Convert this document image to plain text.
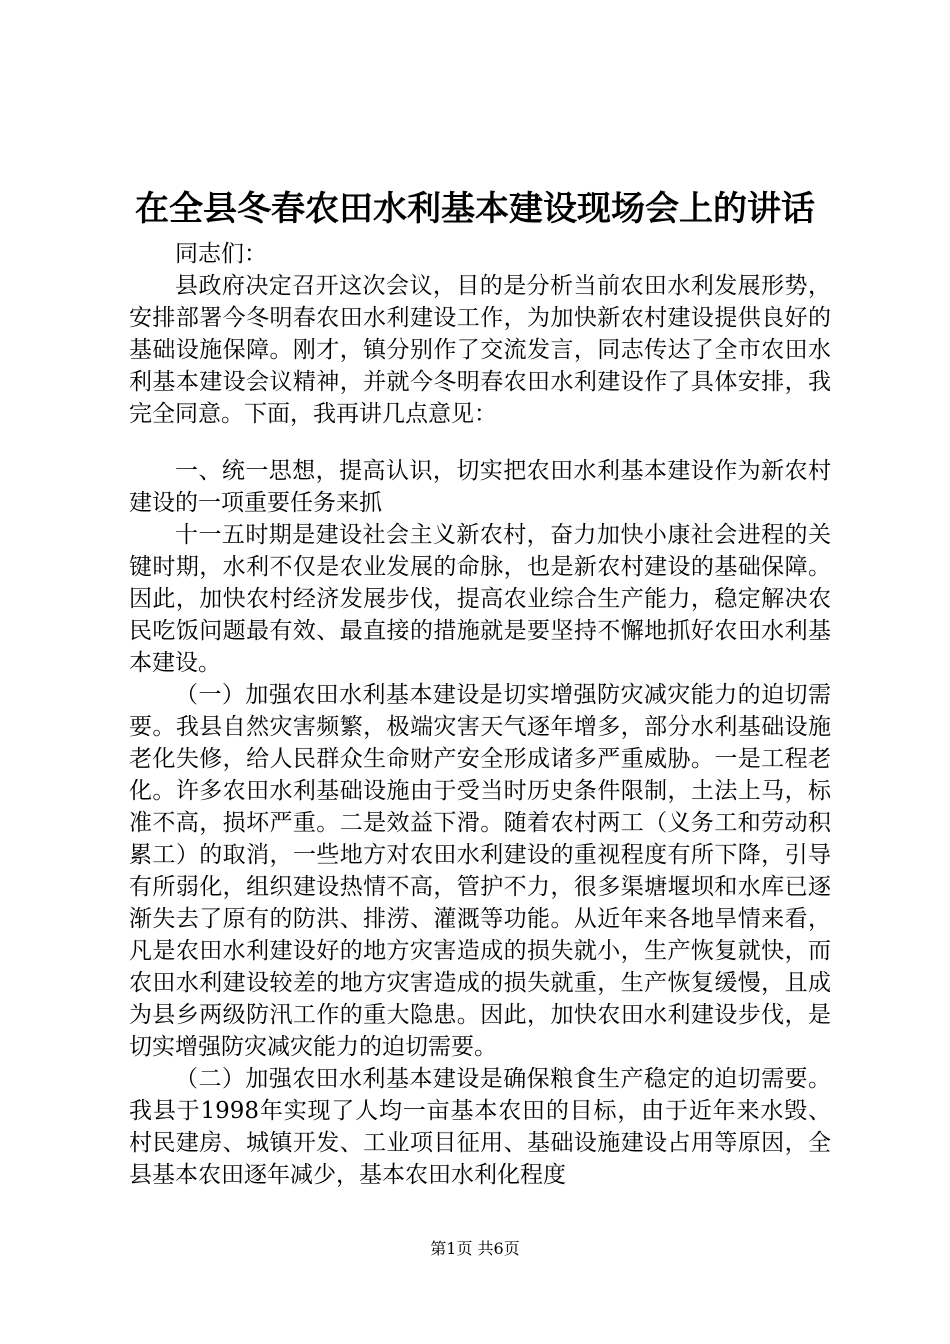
在全县冬春农田水利基本建设现场会上的讲话

同志们：

县政府决定召开这次会议，目的是分析当前农田水利发展形势，安排部署今冬明春农田水利建设工作，为加快新农村建设提供良好的基础设施保障。刚才，镇分别作了交流发言，同志传达了全市农田水利基本建设会议精神，并就今冬明春农田水利建设作了具体安排，我完全同意。下面，我再讲几点意见：

一、统一思想，提高认识，切实把农田水利基本建设作为新农村建设的一项重要任务来抓

十一五时期是建设社会主义新农村，奋力加快小康社会进程的关键时期，水利不仅是农业发展的命脉，也是新农村建设的基础保障。因此，加快农村经济发展步伐，提高农业综合生产能力，稳定解决农民吃饭问题最有效、最直接的措施就是要坚持不懈地抓好农田水利基本建设。

（一）加强农田水利基本建设是切实增强防灾减灾能力的迫切需要。我县自然灾害频繁，极端灾害天气逐年增多，部分水利基础设施老化失修，给人民群众生命财产安全形成诸多严重威胁。一是工程老化。许多农田水利基础设施由于受当时历史条件限制，土法上马，标准不高，损坏严重。二是效益下滑。随着农村两工（义务工和劳动积累工）的取消，一些地方对农田水利建设的重视程度有所下降，引导有所弱化，组织建设热情不高，管护不力，很多渠塘堰坝和水库已逐渐失去了原有的防洪、排涝、灌溉等功能。从近年来各地旱情来看，凡是农田水利建设好的地方灾害造成的损失就小，生产恢复就快，而农田水利建设较差的地方灾害造成的损失就重，生产恢复缓慢，且成为县乡两级防汛工作的重大隐患。因此，加快农田水利建设步伐，是切实增强防灾减灾能力的迫切需要。

（二）加强农田水利基本建设是确保粮食生产稳定的迫切需要。我县于1998年实现了人均一亩基本农田的目标，由于近年来水毁、村民建房、城镇开发、工业项目征用、基础设施建设占用等原因，全县基本农田逐年减少，基本农田水利化程度

第1页 共6页
